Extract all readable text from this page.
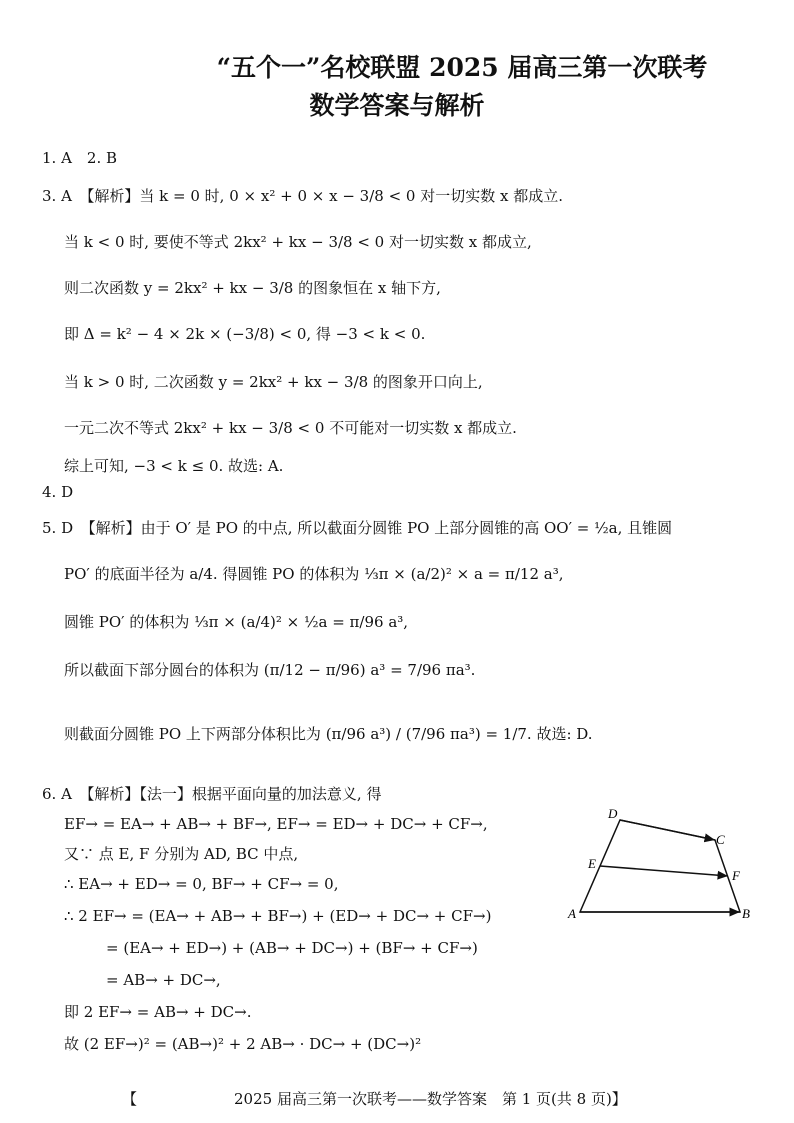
“五个一”名校联盟 2025 届高三第一次联考
数学答案与解析
1. A　2. B
3. A　【解析】当 k = 0 时, 0 × x² + 0 × x − 3/8 < 0 对一切实数 x 都成立.
当 k < 0 时, 要使不等式 2kx² + kx − 3/8 < 0 对一切实数 x 都成立,
则二次函数 y = 2kx² + kx − 3/8 的图象恒在 x 轴下方,
即 Δ = k² − 4 × 2k × (−3/8) < 0, 得 −3 < k < 0.
当 k > 0 时, 二次函数 y = 2kx² + kx − 3/8 的图象开口向上,
一元二次不等式 2kx² + kx − 3/8 < 0 不可能对一切实数 x 都成立.
综上可知, −3 < k ≤ 0. 故选: A.
4. D
5. D　【解析】由于 O′ 是 PO 的中点, 所以截面分圆锥 PO 上部分圆锥的高 OO′ = ½a, 且锥圆
PO′ 的底面半径为 a/4. 得圆锥 PO 的体积为 ⅓π × (a/2)² × a = π/12 a³,
圆锥 PO′ 的体积为 ⅓π × (a/4)² × ½a = π/96 a³,
所以截面下部分圆台的体积为 (π/12 − π/96) a³ = 7/96 πa³.
则截面分圆锥 PO 上下两部分体积比为 (π/96 a³) / (7/96 πa³) = 1/7. 故选: D.
6. A　【解析】【法一】根据平面向量的加法意义, 得
EF→ = EA→ + AB→ + BF→, EF→ = ED→ + DC→ + CF→,
又∵ 点 E, F 分别为 AD, BC 中点,
∴ EA→ + ED→ = 0, BF→ + CF→ = 0,
∴ 2 EF→ = (EA→ + AB→ + BF→) + (ED→ + DC→ + CF→)
= (EA→ + ED→) + (AB→ + DC→) + (BF→ + CF→)
= AB→ + DC→,
即 2 EF→ = AB→ + DC→.
故 (2 EF→)² = (AB→)² + 2 AB→ · DC→ + (DC→)²
D
C
E
F
A	B
【	2025 届高三第一次联考——数学答案　第 1 页(共 8 页)】
